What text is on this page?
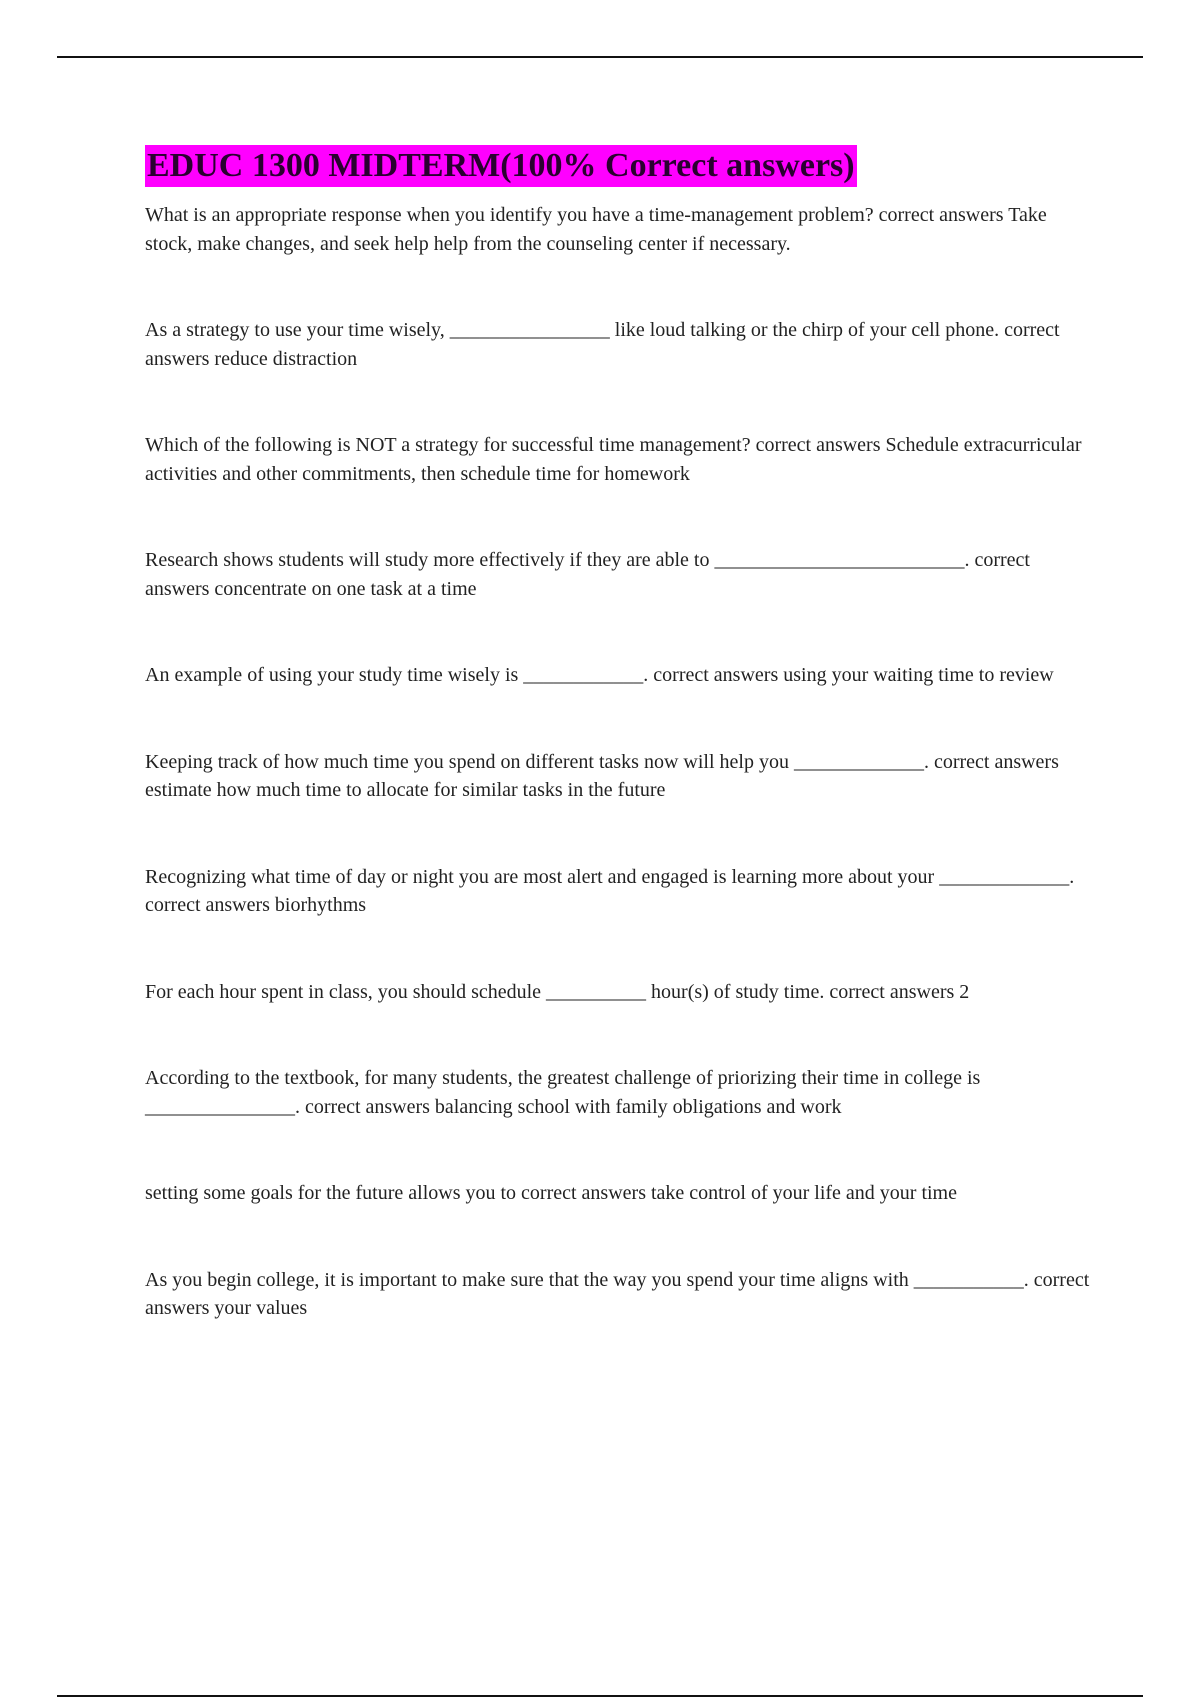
EDUC 1300 MIDTERM(100% Correct answers)

What is an appropriate response when you identify you have a time-management problem? correct answers Take stock, make changes, and seek help help from the counseling center if necessary.

As a strategy to use your time wisely, ________________ like loud talking or the chirp of your cell phone. correct answers reduce distraction

Which of the following is NOT a strategy for successful time management? correct answers Schedule extracurricular activities and other commitments, then schedule time for homework

Research shows students will study more effectively if they are able to _________________________. correct answers concentrate on one task at a time

An example of using your study time wisely is ____________. correct answers using your waiting time to review

Keeping track of how much time you spend on different tasks now will help you _____________. correct answers estimate how much time to allocate for similar tasks in the future

Recognizing what time of day or night you are most alert and engaged is learning more about your _____________. correct answers biorhythms

For each hour spent in class, you should schedule __________ hour(s) of study time. correct answers 2

According to the textbook, for many students, the greatest challenge of priorizing their time in college is _______________. correct answers balancing school with family obligations and work

setting some goals for the future allows you to correct answers take control of your life and your time

As you begin college, it is important to make sure that the way you spend your time aligns with ___________. correct answers your values
